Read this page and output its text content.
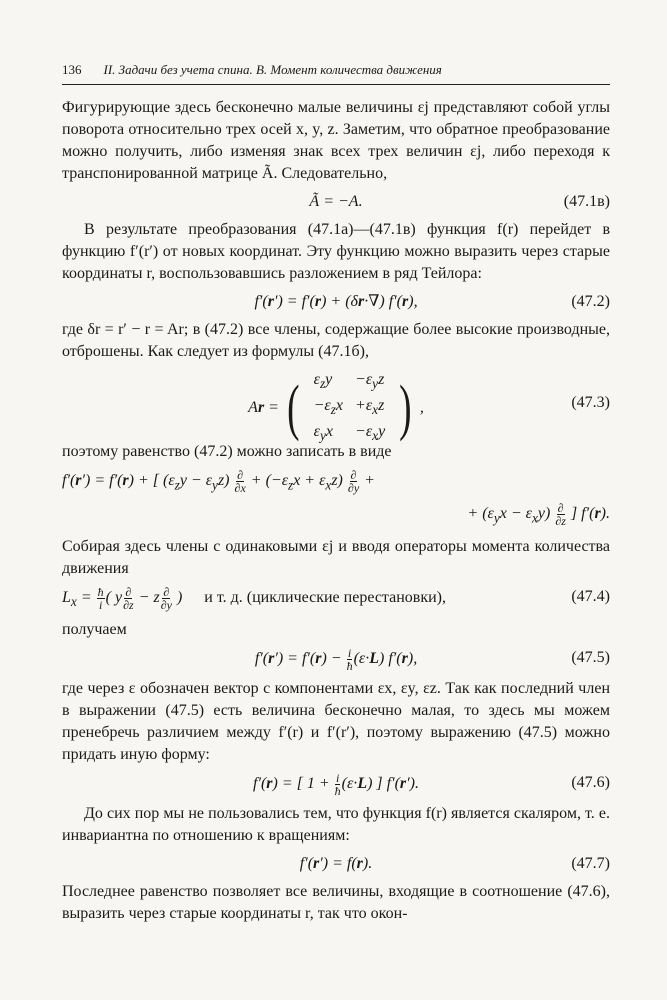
136 II. Задачи без учета спина. В. Момент количества движения

Фигурирующие здесь бесконечно малые величины εj представляют собой углы поворота относительно трех осей x, y, z. Заметим, что обратное преобразование можно получить, либо изменяя знак всех трех величин εj, либо переходя к транспонированной матрице Ã. Следовательно,

Ã = −A.	(47.1в)

В результате преобразования (47.1а)—(47.1в) функция f(r) перейдет в функцию f′(r′) от новых координат. Эту функцию можно выразить через старые координаты r, воспользовавшись разложением в ряд Тейлора:

f′(r′) = f′(r) + (δr·∇) f′(r),	(47.2)

где δr = r′ − r = Ar; в (47.2) все члены, содержащие более высокие производные, отброшены. Как следует из формулы (47.1б),

Ar = ( $\varepsilon_zy$	$-\varepsilon_yz$
$-\varepsilon_zx$	$+\varepsilon_xz$
$\varepsilon_yx$	$-\varepsilon_xy$ ) ,	(47.3)

поэтому равенство (47.2) можно записать в виде

f′(r′) = f′(r) + [ $(\varepsilon_zy - \varepsilon_yz) \frac{\partial}{\partial x} + (-\varepsilon_zx + \varepsilon_xz) \frac{\partial}{\partial y}$ +
+ $(\varepsilon_yx - \varepsilon_xy) \frac{\partial}{\partial z}$ ] f′(r).

Собирая здесь члены с одинаковыми εj и вводя операторы момента количества движения

$L_x = \frac{ħ}{i}$ ( y $\frac{\partial}{\partial z} - z \frac{\partial}{\partial y}$ ) и т. д. (циклические перестановки),	(47.4)

получаем

$f'(r') = f'(r) - \frac{i}{ħ} (\varepsilon\cdot L)$ f′(r),	(47.5)

где через ε обозначен вектор с компонентами εx, εy, εz. Так как последний член в выражении (47.5) есть величина бесконечно малая, то здесь мы можем пренебречь различием между f′(r) и f′(r′), поэтому выражению (47.5) можно придать иную форму:

f′(r) = [ $1 + \frac{i}{ħ} (\varepsilon\cdot L)$ ] f′(r′).	(47.6)

До сих пор мы не пользовались тем, что функция f(r) является скаляром, т. е. инвариантна по отношению к вращениям:

f′(r′) = f(r).	(47.7)

Последнее равенство позволяет все величины, входящие в соотношение (47.6), выразить через старые координаты r, так что окон-
